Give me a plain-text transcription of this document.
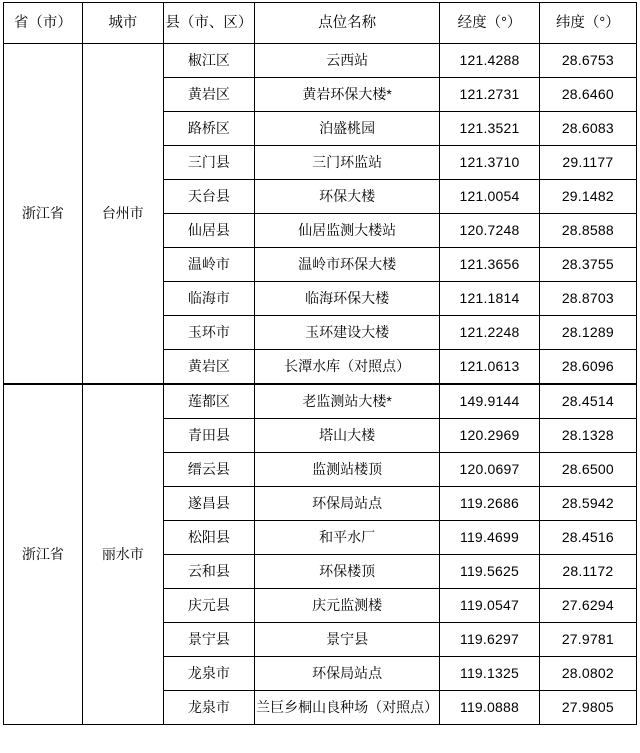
省（市）	城市	县（市、区）	点位名称	经度（°）	纬度（°）
浙江省	台州市	椒江区	云西站	121.4288	28.6753
		黄岩区	黄岩环保大楼*	121.2731	28.6460
		路桥区	泊盛桃园	121.3521	28.6083
		三门县	三门环监站	121.3710	29.1177
		天台县	环保大楼	121.0054	29.1482
		仙居县	仙居监测大楼站	120.7248	28.8588
		温岭市	温岭市环保大楼	121.3656	28.3755
		临海市	临海环保大楼	121.1814	28.8703
		玉环市	玉环建设大楼	121.2248	28.1289
		黄岩区	长潭水库（对照点）	121.0613	28.6096
浙江省	丽水市	莲都区	老监测站大楼*	149.9144	28.4514
		青田县	塔山大楼	120.2969	28.1328
		缙云县	监测站楼顶	120.0697	28.6500
		遂昌县	环保局站点	119.2686	28.5942
		松阳县	和平水厂	119.4699	28.4516
		云和县	环保楼顶	119.5625	28.1172
		庆元县	庆元监测楼	119.0547	27.6294
		景宁县	景宁县	119.6297	27.9781
		龙泉市	环保局站点	119.1325	28.0802
		龙泉市	兰巨乡桐山良种场（对照点）	119.0888	27.9805
